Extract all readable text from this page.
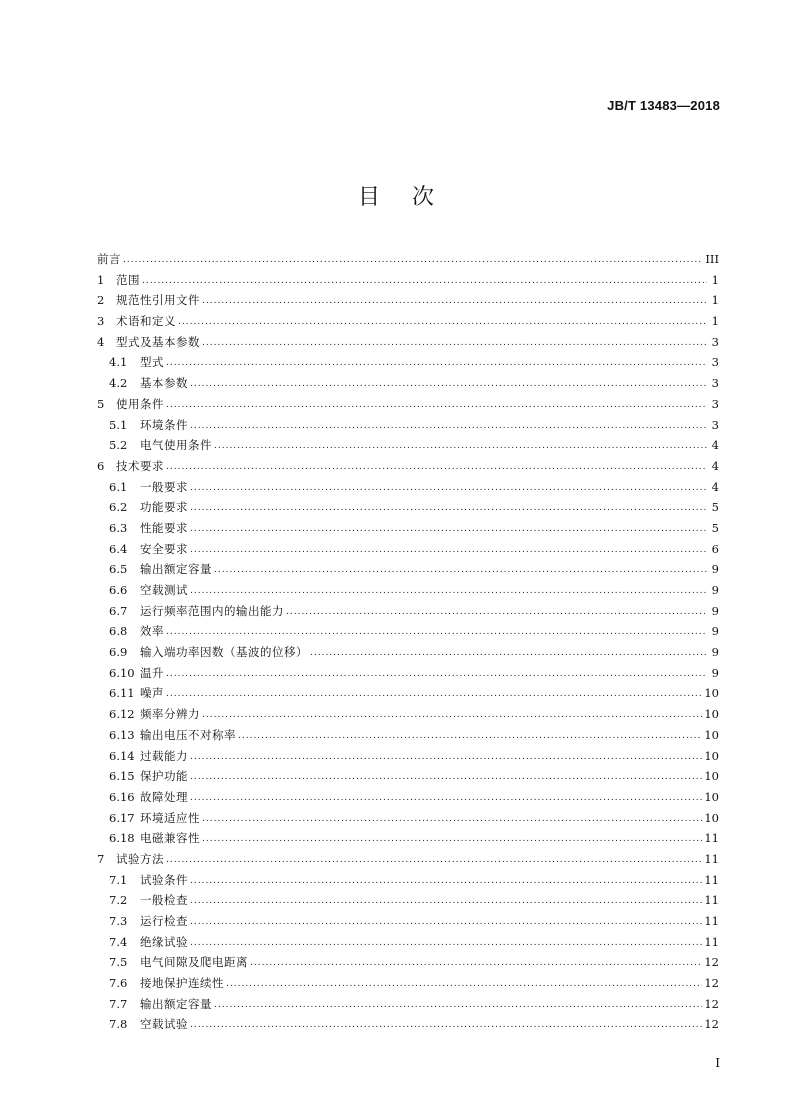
JB/T 13483—2018
目次
前言 .....	III
1	范围 .....	1
2	规范性引用文件 .....	1
3	术语和定义 .....	1
4	型式及基本参数 .....	3
4.1	型式 .....	3
4.2	基本参数 .....	3
5	使用条件 .....	3
5.1	环境条件 .....	3
5.2	电气使用条件 .....	4
6	技术要求 .....	4
6.1	一般要求 .....	4
6.2	功能要求 .....	5
6.3	性能要求 .....	5
6.4	安全要求 .....	6
6.5	输出额定容量 .....	9
6.6	空载测试 .....	9
6.7	运行频率范围内的输出能力 .....	9
6.8	效率 .....	9
6.9	输入端功率因数（基波的位移） .....	9
6.10 温升 .....	9
6.11 噪声 .....	10
6.12 频率分辨力 .....	10
6.13 输出电压不对称率 .....	10
6.14 过载能力 .....	10
6.15 保护功能 .....	10
6.16 故障处理 .....	10
6.17 环境适应性 .....	10
6.18 电磁兼容性 .....	11
7	试验方法 .....	11
7.1	试验条件 .....	11
7.2	一般检查 .....	11
7.3	运行检查 .....	11
7.4	绝缘试验 .....	11
7.5	电气间隙及爬电距离 .....	12
7.6	接地保护连续性 .....	12
7.7	输出额定容量 .....	12
7.8	空载试验 .....	12
I
